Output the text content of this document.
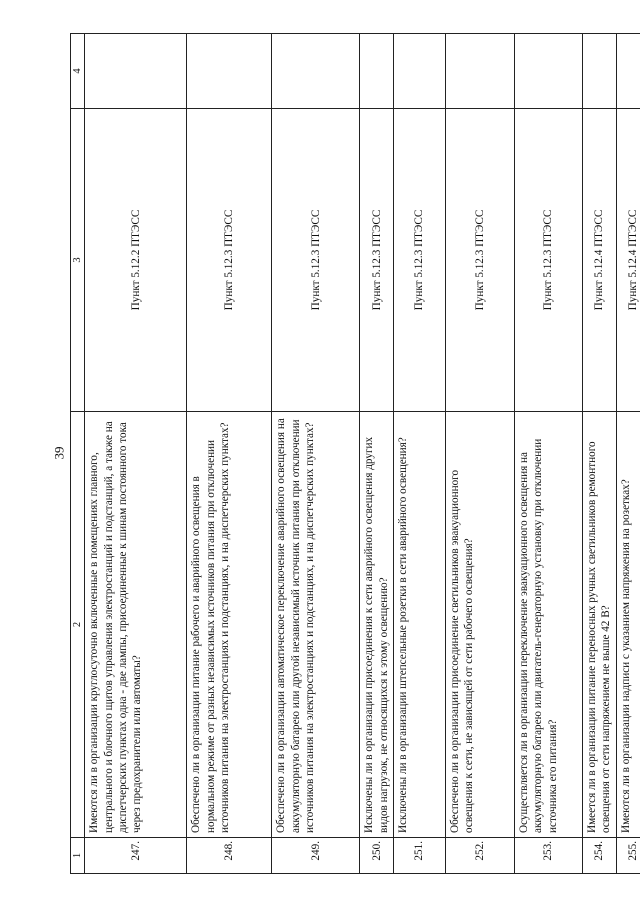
39
1	2	3	4
247.	Имеются ли в организации круглосуточно включенные в помещениях главного, центрального и блочного щитов управления электростанций и подстанций, а также на диспетчерских пунктах одна - две лампы, присоединенные к шинам постоянного тока через предохранители или автоматы?	Пункт 5.12.2 ПТЭСС	
248.	Обеспечено ли в организации питание рабочего и аварийного освещения в нормальном режиме от разных независимых источников питания при отключении источников питания на электростанциях и подстанциях, и на диспетчерских пунктах?	Пункт 5.12.3 ПТЭСС	
249.	Обеспечено ли в организации автоматическое переключение аварийного освещения на аккумуляторную батарею или другой независимый источник питания при отключении источников питания на электростанциях и подстанциях, и на диспетчерских пунктах?	Пункт 5.12.3 ПТЭСС	
250.	Исключены ли в организации присоединения к сети аварийного освещения других видов нагрузок, не относящихся к этому освещению?	Пункт 5.12.3 ПТЭСС	
251.	Исключены ли в организации штепсельные розетки в сети аварийного освещения?	Пункт 5.12.3 ПТЭСС	
252.	Обеспечено ли в организации присоединение светильников эвакуационного освещения к сети, не зависящей от сети рабочего освещения?	Пункт 5.12.3 ПТЭСС	
253.	Осуществляется ли в организации переключение эвакуационного освещения на аккумуляторную батарею или двигатель-генераторную установку при отключении источника его питания?	Пункт 5.12.3 ПТЭСС	
254.	Имеется ли в организации питание переносных ручных светильников ремонтного освещения от сети напряжением не выше 42 В?	Пункт 5.12.4 ПТЭСС	
255.	Имеются ли в организации надписи с указанием напряжения на розетках?	Пункт 5.12.4 ПТЭСС	
